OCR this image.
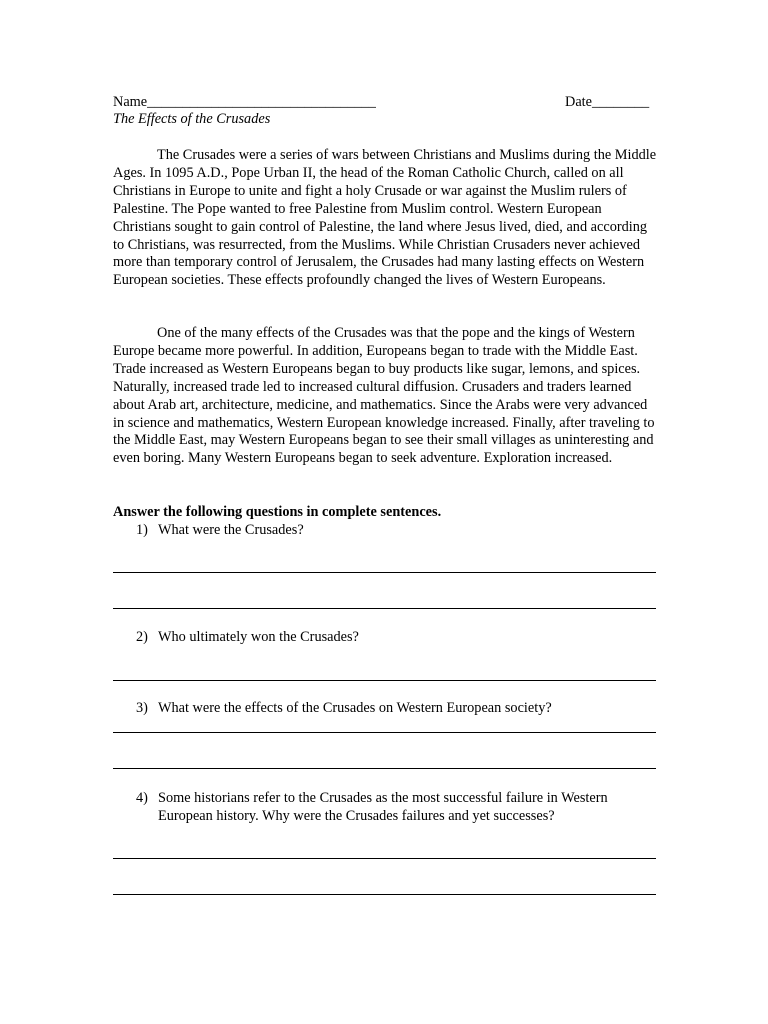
Name________________________________	Date________
The Effects of the Crusades

The Crusades were a series of wars between Christians and Muslims during the Middle Ages. In 1095 A.D., Pope Urban II, the head of the Roman Catholic Church, called on all Christians in Europe to unite and fight a holy Crusade or war against the Muslim rulers of Palestine. The Pope wanted to free Palestine from Muslim control. Western European Christians sought to gain control of Palestine, the land where Jesus lived, died, and according to Christians, was resurrected, from the Muslims. While Christian Crusaders never achieved more than temporary control of Jerusalem, the Crusades had many lasting effects on Western European societies. These effects profoundly changed the lives of Western Europeans.

One of the many effects of the Crusades was that the pope and the kings of Western Europe became more powerful. In addition, Europeans began to trade with the Middle East. Trade increased as Western Europeans began to buy products like sugar, lemons, and spices. Naturally, increased trade led to increased cultural diffusion. Crusaders and traders learned about Arab art, architecture, medicine, and mathematics. Since the Arabs were very advanced in science and mathematics, Western European knowledge increased. Finally, after traveling to the Middle East, may Western Europeans began to see their small villages as uninteresting and even boring. Many Western Europeans began to seek adventure. Exploration increased.

Answer the following questions in complete sentences.
1) What were the Crusades?
2) Who ultimately won the Crusades?
3) What were the effects of the Crusades on Western European society?
4) Some historians refer to the Crusades as the most successful failure in Western European history. Why were the Crusades failures and yet successes?
